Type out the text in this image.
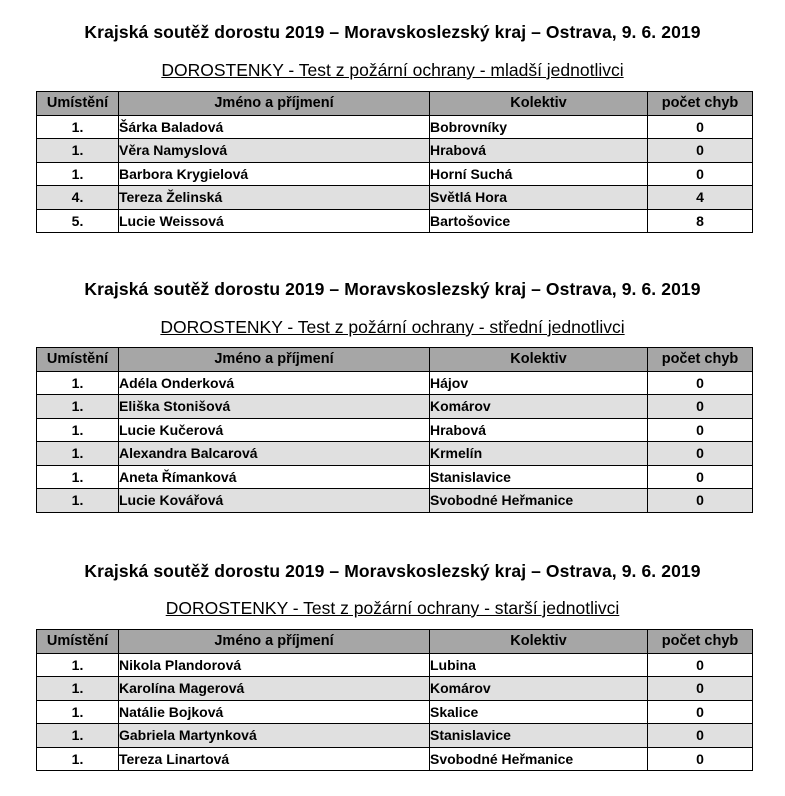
Krajská soutěž dorostu 2019 – Moravskoslezský kraj – Ostrava, 9. 6. 2019
DOROSTENKY - Test z požární ochrany - mladší jednotlivci
Umístění	Jméno a příjmení	Kolektiv	počet chyb
1.	Šárka Baladová	Bobrovníky	0
1.	Věra Namyslová	Hrabová	0
1.	Barbora Krygielová	Horní Suchá	0
4.	Tereza Želinská	Světlá Hora	4
5.	Lucie Weissová	Bartošovice	8
Krajská soutěž dorostu 2019 – Moravskoslezský kraj – Ostrava, 9. 6. 2019
DOROSTENKY - Test z požární ochrany - střední jednotlivci
Umístění	Jméno a příjmení	Kolektiv	počet chyb
1.	Adéla Onderková	Hájov	0
1.	Eliška Stonišová	Komárov	0
1.	Lucie Kučerová	Hrabová	0
1.	Alexandra Balcarová	Krmelín	0
1.	Aneta Římanková	Stanislavice	0
1.	Lucie Kovářová	Svobodné Heřmanice	0
Krajská soutěž dorostu 2019 – Moravskoslezský kraj – Ostrava, 9. 6. 2019
DOROSTENKY - Test z požární ochrany - starší jednotlivci
Umístění	Jméno a příjmení	Kolektiv	počet chyb
1.	Nikola Plandorová	Lubina	0
1.	Karolína Magerová	Komárov	0
1.	Natálie Bojková	Skalice	0
1.	Gabriela Martynková	Stanislavice	0
1.	Tereza Linartová	Svobodné Heřmanice	0
